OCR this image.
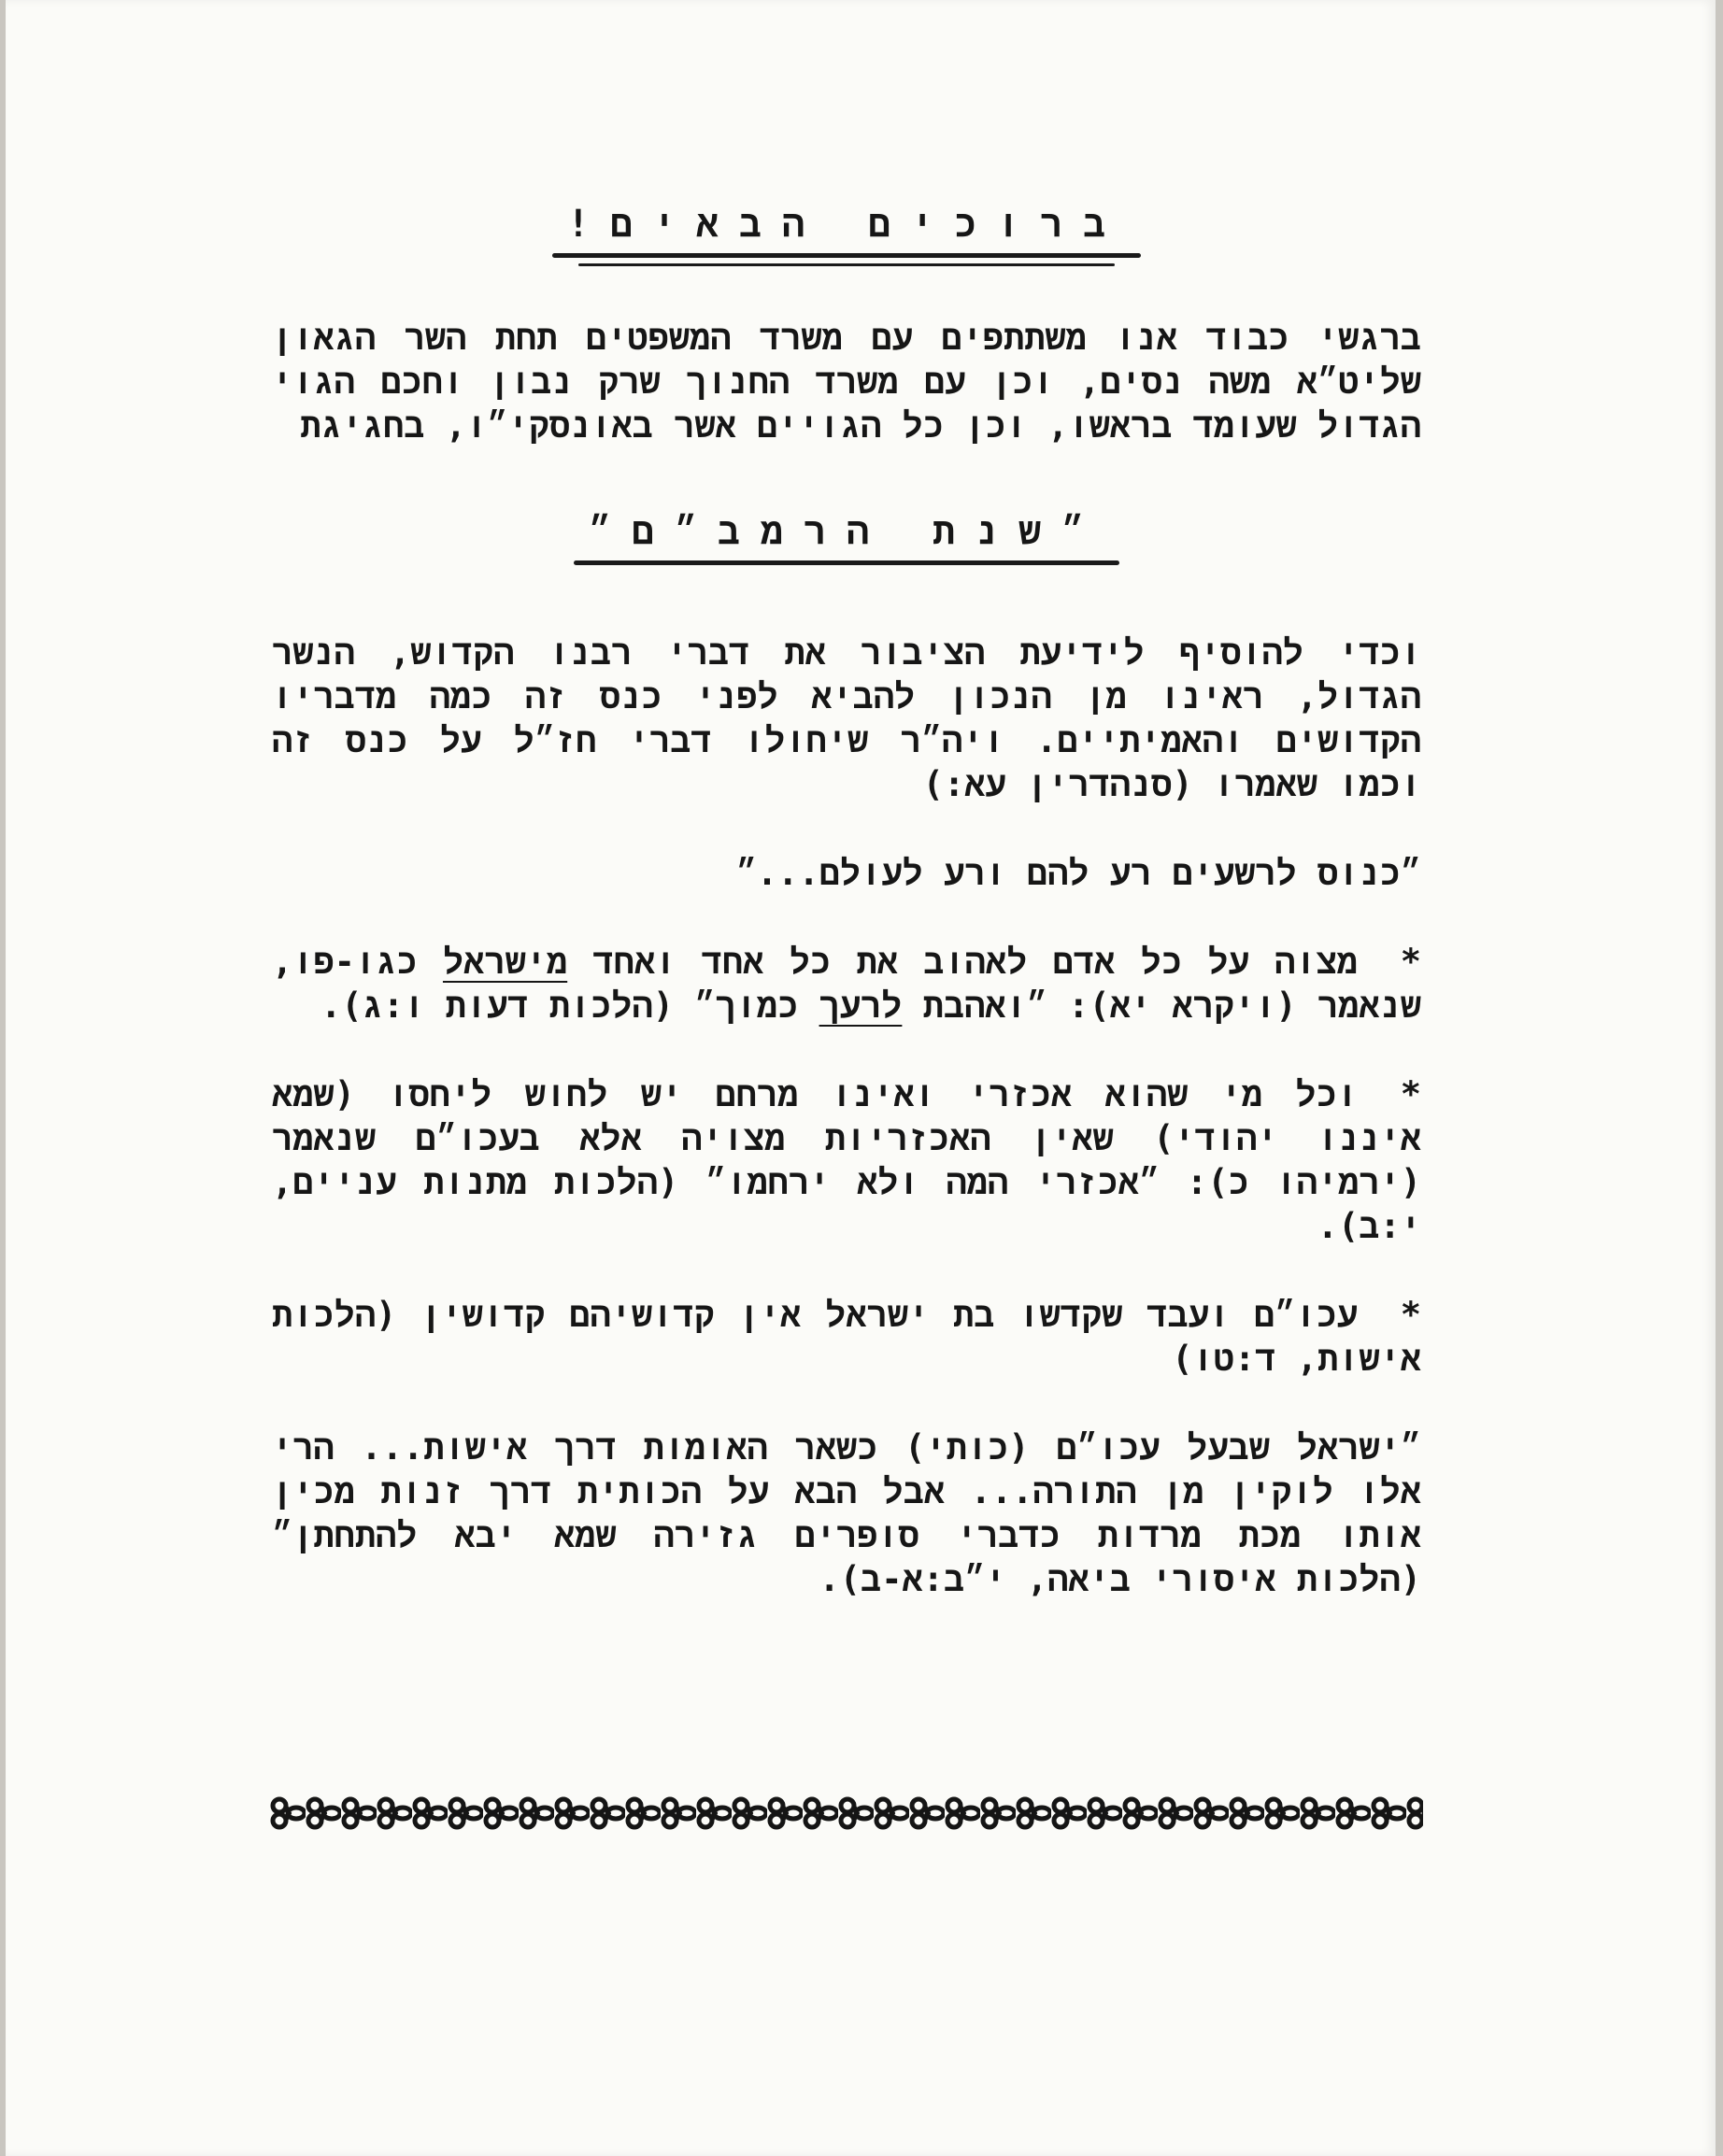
ברוכים הבאים!

ברגשי כבוד אנו משתתפים עם משרד המשפטים תחת השר הגאון שליט״א משה נסים, וכן עם משרד החנוך שרק נבון וחכם הגוי הגדול שעומד בראשו, וכן כל הגויים אשר באונסקי״ו, בחגיגת

״שנת הרמב״ם״

וכדי להוסיף לידיעת הציבור את דברי רבנו הקדוש, הנשר הגדול, ראינו מן הנכון להביא לפני כנס זה כמה מדבריו הקדושים והאמיתיים. ויה״ר שיחולו דברי חז״ל על כנס זה וכמו שאמרו (סנהדרין עא:)

״כנוס לרשעים רע להם ורע לעולם...״

*מצוה על כל אדם לאהוב את כל אחד ואחד מישראל כגו-פו, שנאמר (ויקרא יא): ״ואהבת לרעך כמוך״ (הלכות דעות ו:ג).

*וכל מי שהוא אכזרי ואינו מרחם יש לחוש ליחסו (שמא איננו יהודי) שאין האכזריות מצויה אלא בעכו״ם שנאמר (ירמיהו כ): ״אכזרי המה ולא ירחמו״ (הלכות מתנות עניים, י:ב).

*עכו״ם ועבד שקדשו בת ישראל אין קדושיהם קדושין (הלכות אישות, ד:טו)

״ישראל שבעל עכו״ם (כותי) כשאר האומות דרך אישות... הרי אלו לוקין מן התורה... אבל הבא על הכותית דרך זנות מכין אותו מכת מרדות כדברי סופרים גזירה שמא יבא להתחתן״ (הלכות איסורי ביאה, י״ב:א-ב).
